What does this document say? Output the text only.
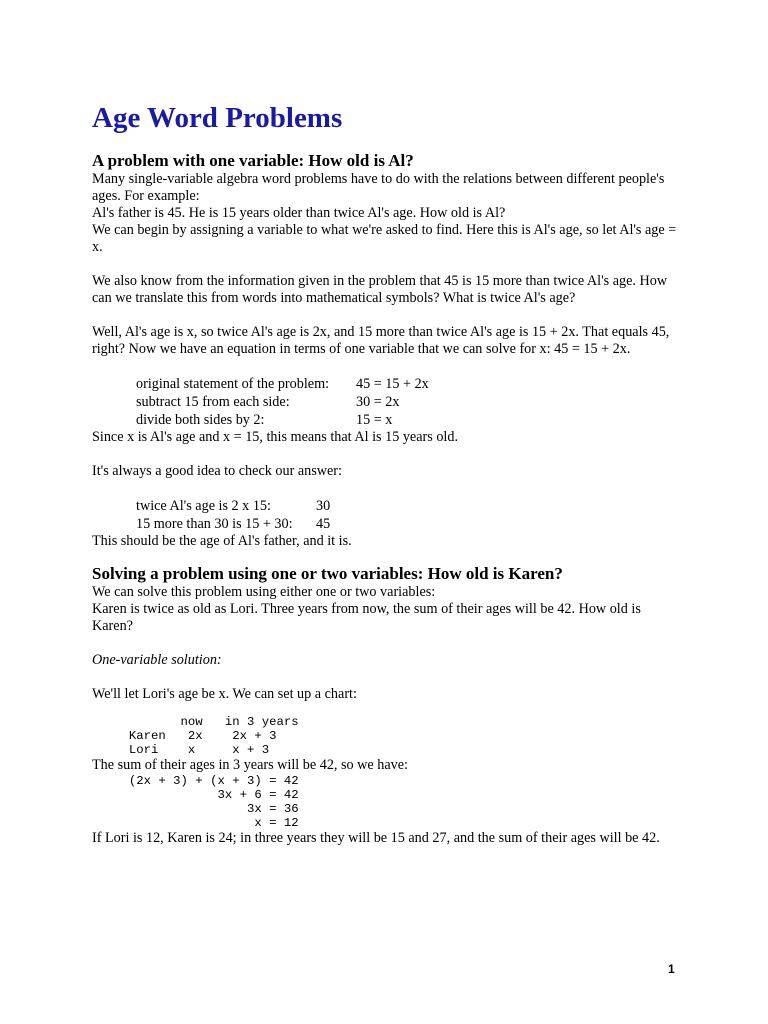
Age Word Problems
A problem with one variable: How old is Al?

Many single-variable algebra word problems have to do with the relations between different people's ages. For example:

Al's father is 45. He is 15 years older than twice Al's age. How old is Al?

We can begin by assigning a variable to what we're asked to find. Here this is Al's age, so let Al's age = x.

We also know from the information given in the problem that 45 is 15 more than twice Al's age. How can we translate this from words into mathematical symbols? What is twice Al's age?

Well, Al's age is x, so twice Al's age is 2x, and 15 more than twice Al's age is 15 + 2x. That equals 45, right? Now we have an equation in terms of one variable that we can solve for x: 45 = 15 + 2x.

original statement of the problem:	45 = 15 + 2x
subtract 15 from each side:	30 = 2x
divide both sides by 2:	15 = x

Since x is Al's age and x = 15, this means that Al is 15 years old.

It's always a good idea to check our answer:

twice Al's age is 2 x 15:	30
15 more than 30 is 15 + 30:	45

This should be the age of Al's father, and it is.

Solving a problem using one or two variables: How old is Karen?

We can solve this problem using either one or two variables:

Karen is twice as old as Lori. Three years from now, the sum of their ages will be 42. How old is Karen?

One-variable solution:

We'll let Lori's age be x. We can set up a chart:

now   in 3 years
Karen   2x    2x + 3
Lori    x     x + 3

The sum of their ages in 3 years will be 42, so we have:

(2x + 3) + (x + 3) = 42
3x + 6 = 42
3x = 36
x = 12

If Lori is 12, Karen is 24; in three years they will be 15 and 27, and the sum of their ages will be 42.

1
